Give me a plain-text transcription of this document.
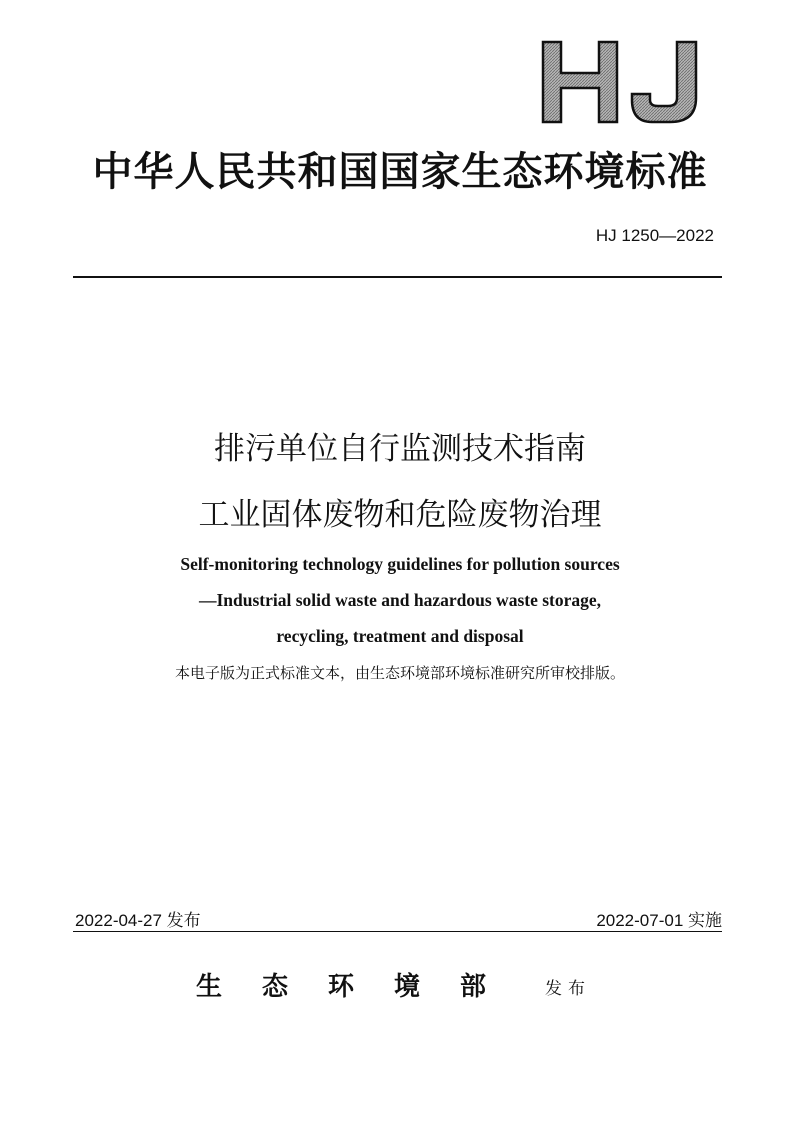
中华人民共和国国家生态环境标准
HJ 1250—2022
排污单位自行监测技术指南
工业固体废物和危险废物治理
Self-monitoring technology guidelines for pollution sources
—Industrial solid waste and hazardous waste storage,
recycling, treatment and disposal
本电子版为正式标准文本，由生态环境部环境标准研究所审校排版。
2022-04-27 发布	2022-07-01 实施
生态环境部 发布
